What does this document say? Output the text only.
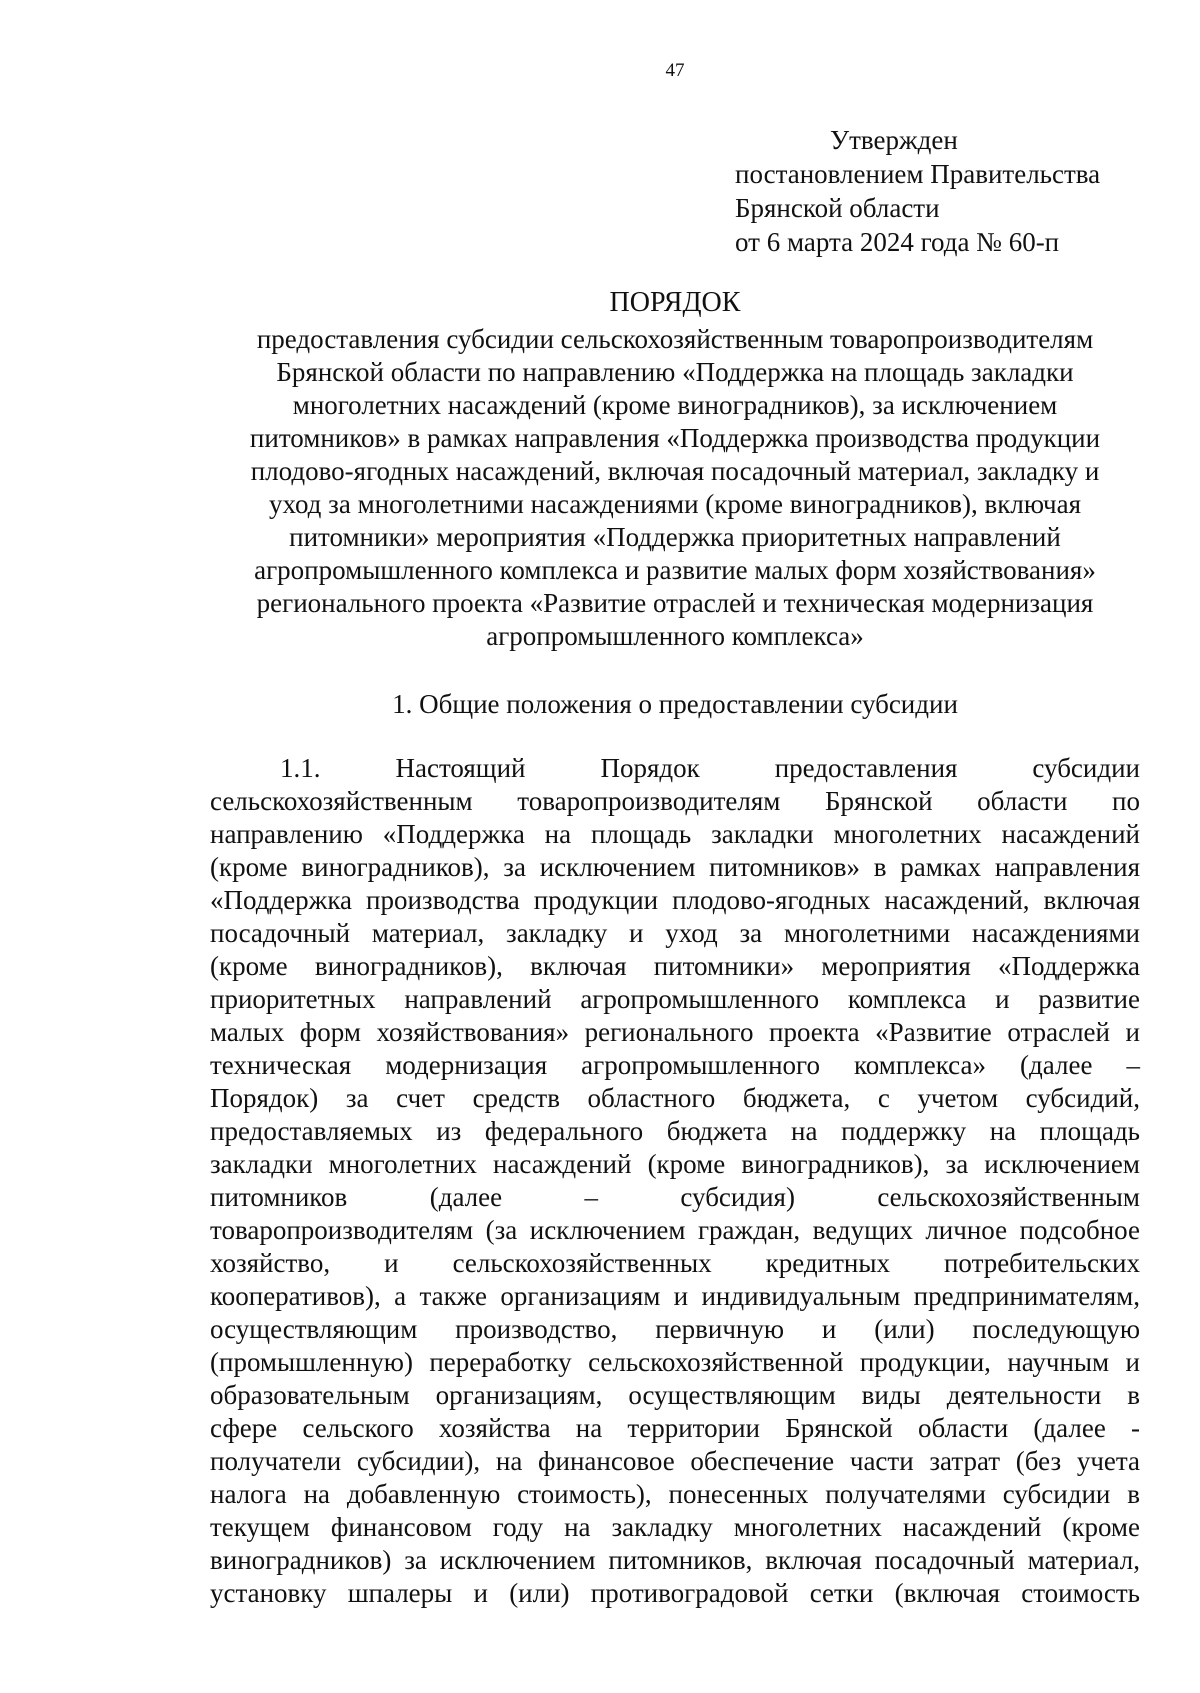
47

Утвержден
постановлением Правительства
Брянской области
от 6 марта 2024 года № 60-п
ПОРЯДОК
предоставления субсидии сельскохозяйственным товаропроизводителям
Брянской области по направлению «Поддержка на площадь закладки
многолетних насаждений (кроме виноградников), за исключением
питомников» в рамках направления «Поддержка производства продукции
плодово-ягодных насаждений, включая посадочный материал, закладку и
уход за многолетними насаждениями (кроме виноградников), включая
питомники» мероприятия «Поддержка приоритетных направлений
агропромышленного комплекса и развитие малых форм хозяйствования»
регионального проекта «Развитие отраслей и техническая модернизация
агропромышленного комплекса»
1. Общие положения о предоставлении субсидии
1.1. Настоящий Порядок предоставления субсидии
сельскохозяйственным товаропроизводителям Брянской области по
направлению «Поддержка на площадь закладки многолетних насаждений
(кроме виноградников), за исключением питомников» в рамках направления
«Поддержка производства продукции плодово-ягодных насаждений, включая
посадочный материал, закладку и уход за многолетними насаждениями
(кроме виноградников), включая питомники» мероприятия «Поддержка
приоритетных направлений агропромышленного комплекса и развитие
малых форм хозяйствования» регионального проекта «Развитие отраслей и
техническая модернизация агропромышленного комплекса» (далее –
Порядок) за счет средств областного бюджета, с учетом субсидий,
предоставляемых из федерального бюджета на поддержку на площадь
закладки многолетних насаждений (кроме виноградников), за исключением
питомников (далее – субсидия) сельскохозяйственным
товаропроизводителям (за исключением граждан, ведущих личное подсобное
хозяйство, и сельскохозяйственных кредитных потребительских
кооперативов), а также организациям и индивидуальным предпринимателям,
осуществляющим производство, первичную и (или) последующую
(промышленную) переработку сельскохозяйственной продукции, научным и
образовательным организациям, осуществляющим виды деятельности в
сфере сельского хозяйства на территории Брянской области (далее -
получатели субсидии), на финансовое обеспечение части затрат (без учета
налога на добавленную стоимость), понесенных получателями субсидии в
текущем финансовом году на закладку многолетних насаждений (кроме
виноградников) за исключением питомников, включая посадочный материал,
установку шпалеры и (или) противоградовой сетки (включая стоимость
